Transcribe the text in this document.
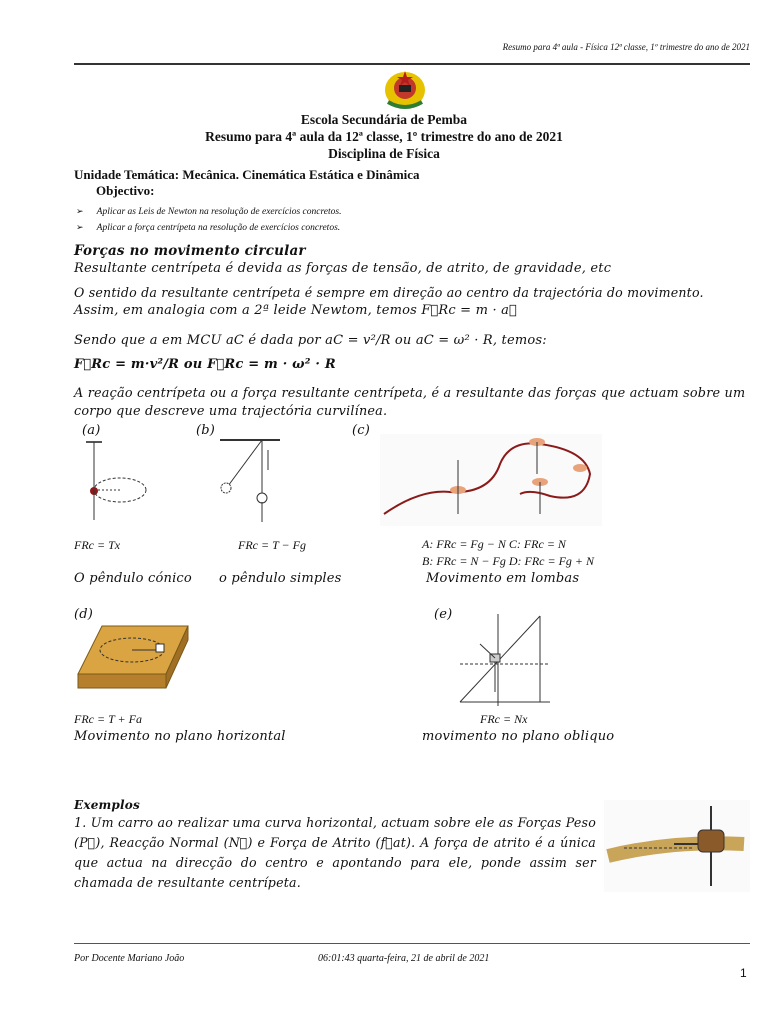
Resumo para 4ª aula - Física 12ª classe, 1º trimestre do ano de 2021
Escola Secundária de Pemba
Resumo para 4ª aula da 12ª classe, 1º trimestre do ano de 2021
Disciplina de Física
Unidade Temática: Mecânica. Cinemática Estática e Dinâmica
Objectivo:
➢ Aplicar as Leis de Newton na resolução de exercícios concretos.
➢ Aplicar a força centrípeta na resolução de exercícios concretos.
Forças no movimento circular
Resultante centrípeta é devida as forças de tensão, de atrito, de gravidade, etc
O sentido da resultante centrípeta é sempre em direção ao centro da trajectória do movimento.
Assim, em analogia com a 2ª leide Newtom, temos F⃗Rc = m · a⃗
Sendo que a em MCU aC é dada por aC = v²/R ou aC = ω² · R, temos:
F⃗Rc = m·v²/R ou F⃗Rc = m · ω² · R
A reação centrípeta ou a força resultante centrípeta, é a resultante das forças que actuam sobre um corpo que descreve uma trajectória curvilínea.
(a)	(b)	(c)
FRc = Tx	FRc = T − Fg	A: FRc = Fg − N C: FRc = N
B: FRc = N − Fg D: FRc = Fg + N
O pêndulo cónico o pêndulo simples	Movimento em lombas
(d)	(e)
FRc = T + Fa	FRc = Nx
Movimento no plano horizontal	movimento no plano obliquo
Exemplos
1. Um carro ao realizar uma curva horizontal, actuam sobre ele as Forças Peso (P⃗), Reacção Normal (N⃗) e Força de Atrito (f⃗at). A força de atrito é a única que actua na direcção do centro e apontando para ele, ponde assim ser chamada de resultante centrípeta.
Por Docente Mariano João	06:01:43 quarta-feira, 21 de abril de 2021
1
